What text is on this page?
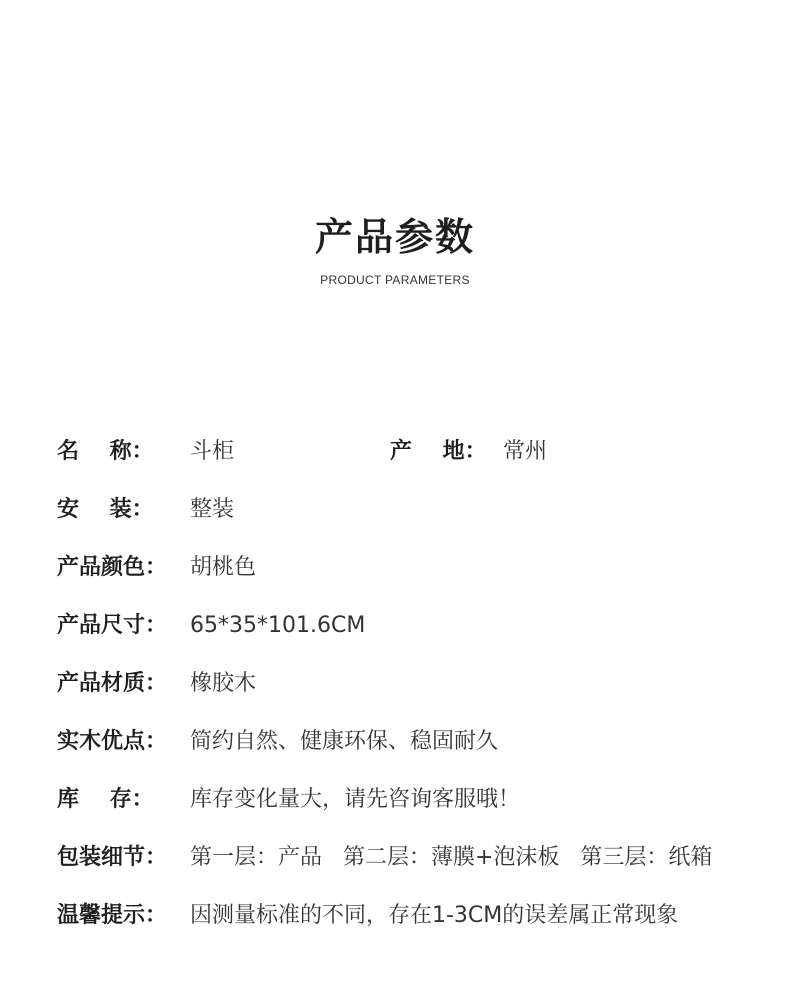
产品参数
PRODUCT PARAMETERS
名    称：	斗柜	产    地： 常州
安    装：	整装
产品颜色：	胡桃色
产品尺寸：	65*35*101.6CM
产品材质：	橡胶木
实木优点：	简约自然、健康环保、稳固耐久
库    存：	库存变化量大，请先咨询客服哦！
包装细节：	第一层：产品   第二层：薄膜+泡沫板   第三层：纸箱
温馨提示：	因测量标准的不同，存在1-3CM的误差属正常现象
